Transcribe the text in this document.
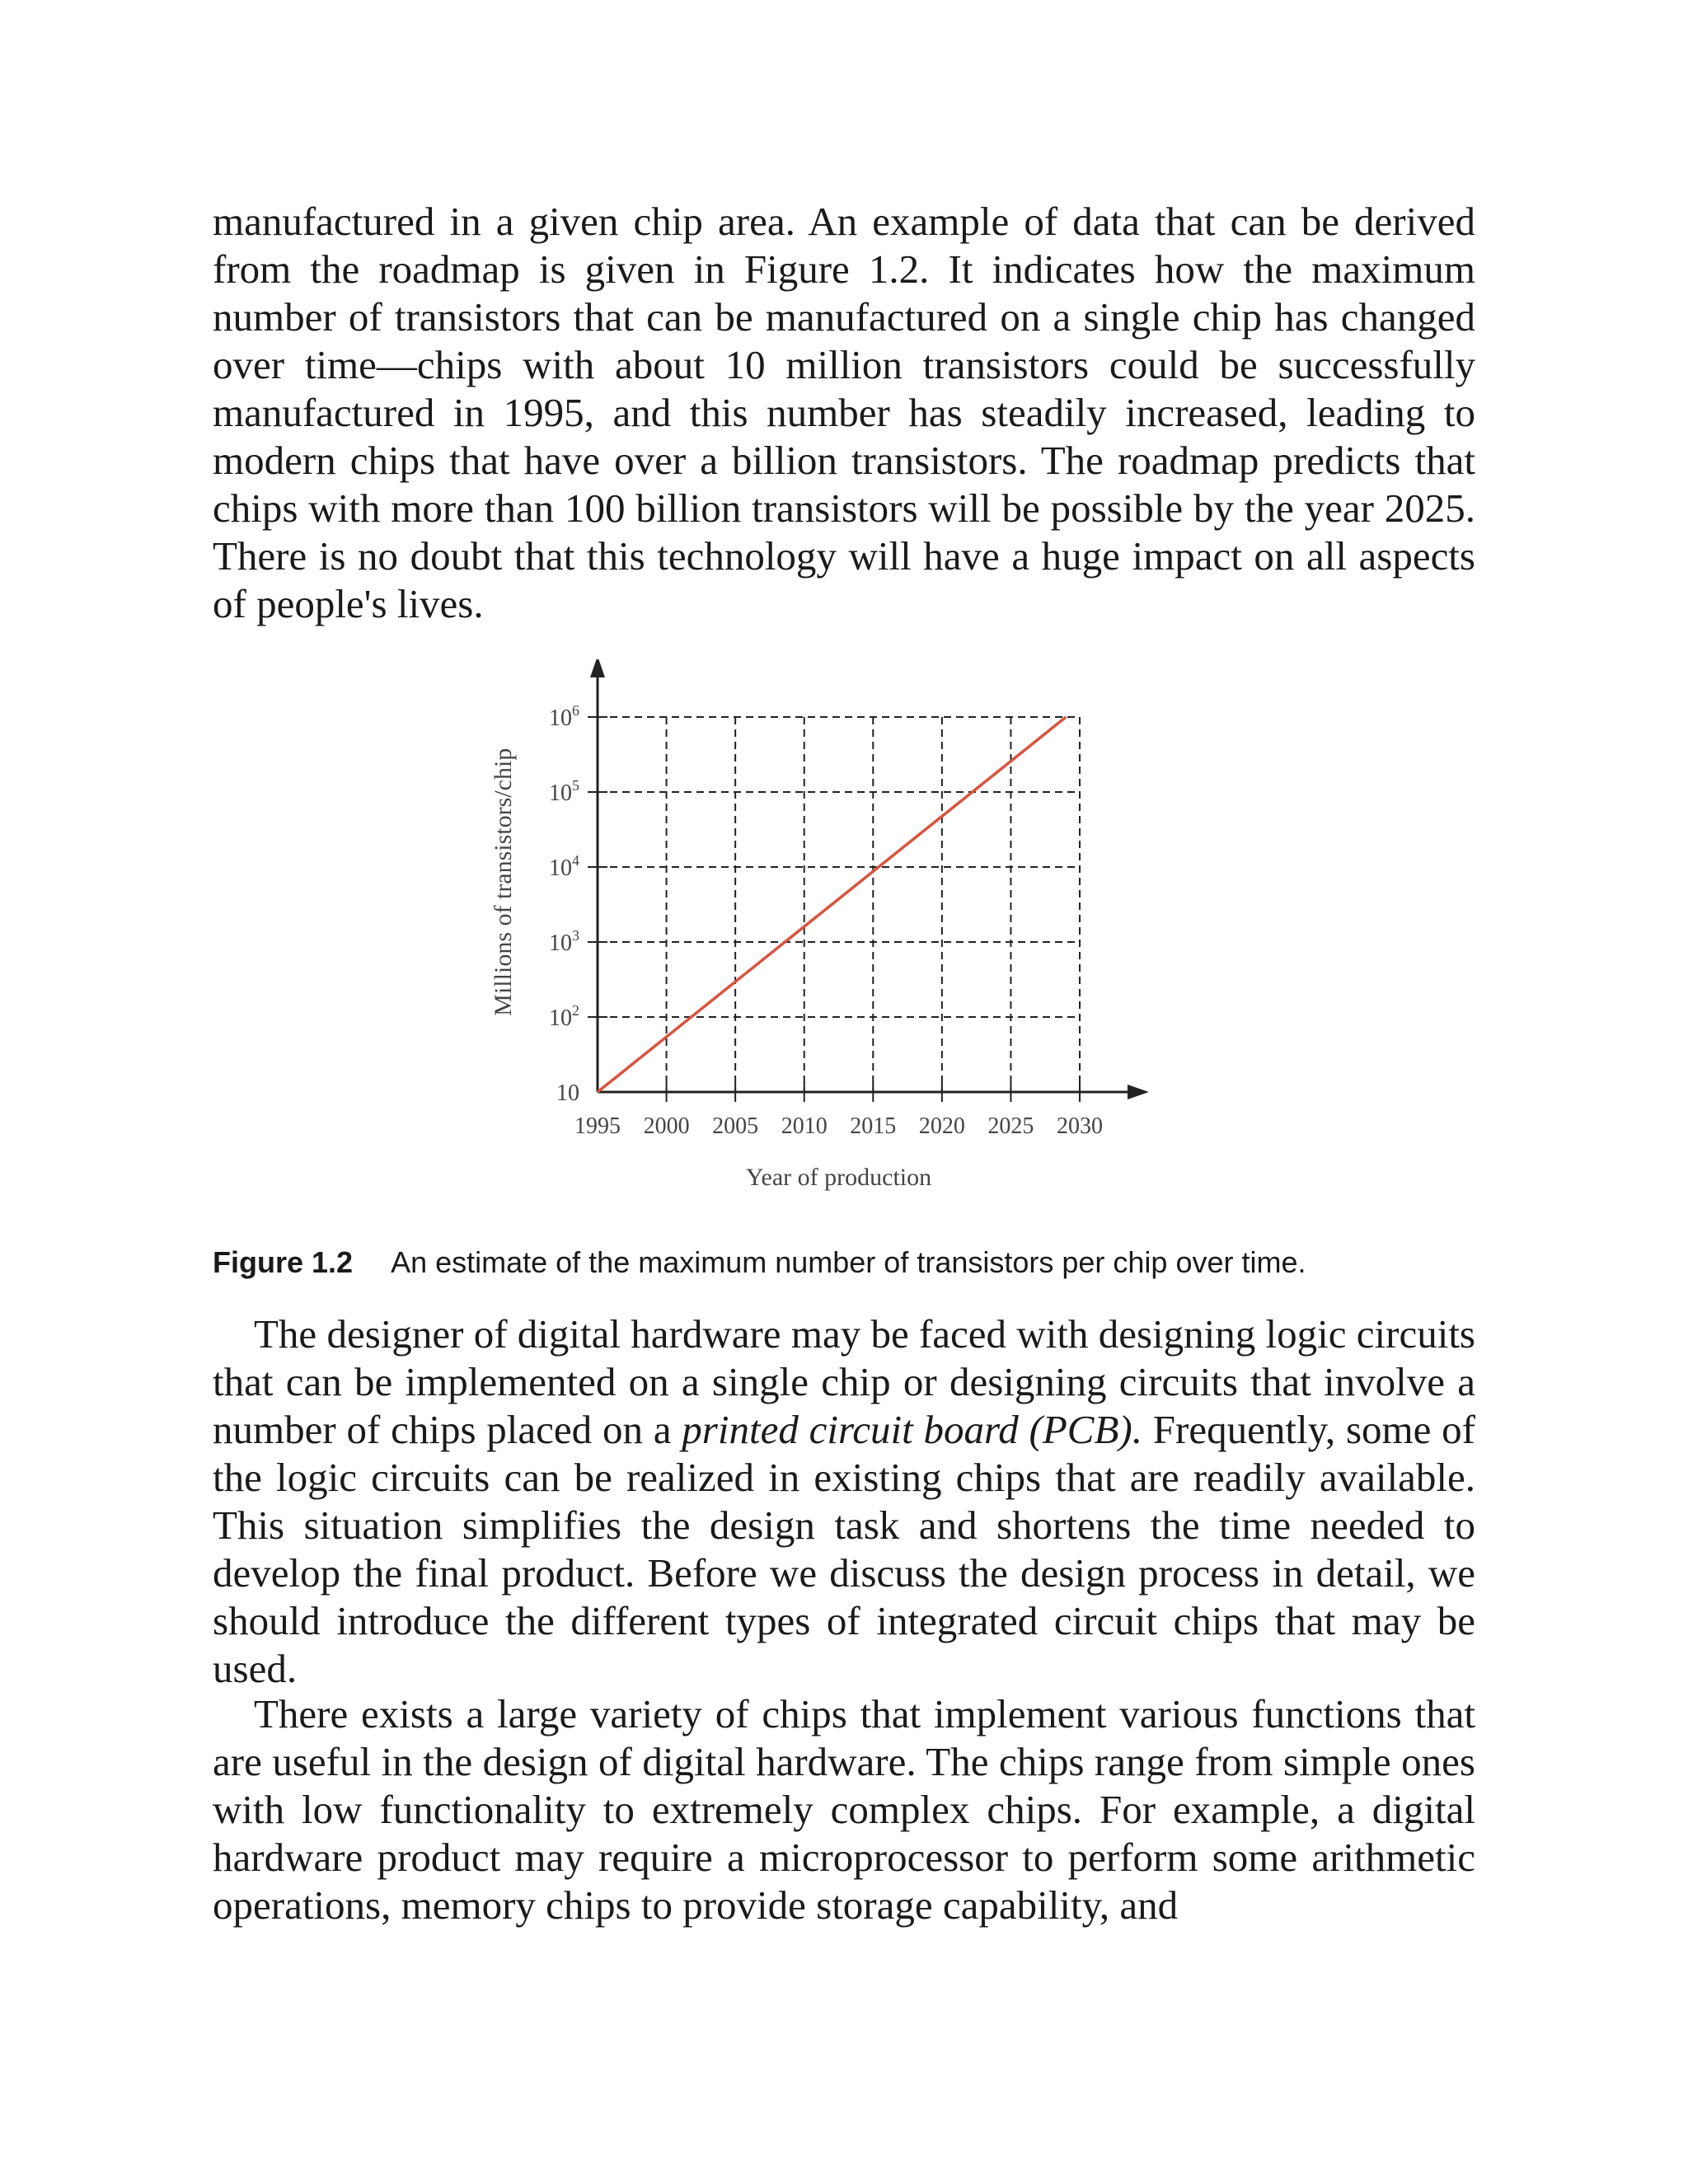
manufactured in a given chip area. An example of data that can be derived from the roadmap is given in Figure 1.2. It indicates how the maximum number of transistors that can be manufactured on a single chip has changed over time—chips with about 10 million transistors could be successfully manufactured in 1995, and this number has steadily increased, leading to modern chips that have over a billion transistors. The roadmap predicts that chips with more than 100 billion transistors will be possible by the year 2025. There is no doubt that this technology will have a huge impact on all aspects of people's lives.

1995 2000 2005 2010 2015 2020 2025 2030
10
$10^2$
$10^3$
$10^4$
$10^5$
$10^6$
Year of production
Millions of transistors/chip
Figure 1.2 An estimate of the maximum number of transistors per chip over time.

The designer of digital hardware may be faced with designing logic circuits that can be implemented on a single chip or designing circuits that involve a number of chips placed on a printed circuit board (PCB). Frequently, some of the logic circuits can be realized in existing chips that are readily available. This situation simplifies the design task and shortens the time needed to develop the final product. Before we discuss the design process in detail, we should introduce the different types of integrated circuit chips that may be used.

There exists a large variety of chips that implement various functions that are useful in the design of digital hardware. The chips range from simple ones with low functionality to extremely complex chips. For example, a digital hardware product may require a microprocessor to perform some arithmetic operations, memory chips to provide storage capability, and
